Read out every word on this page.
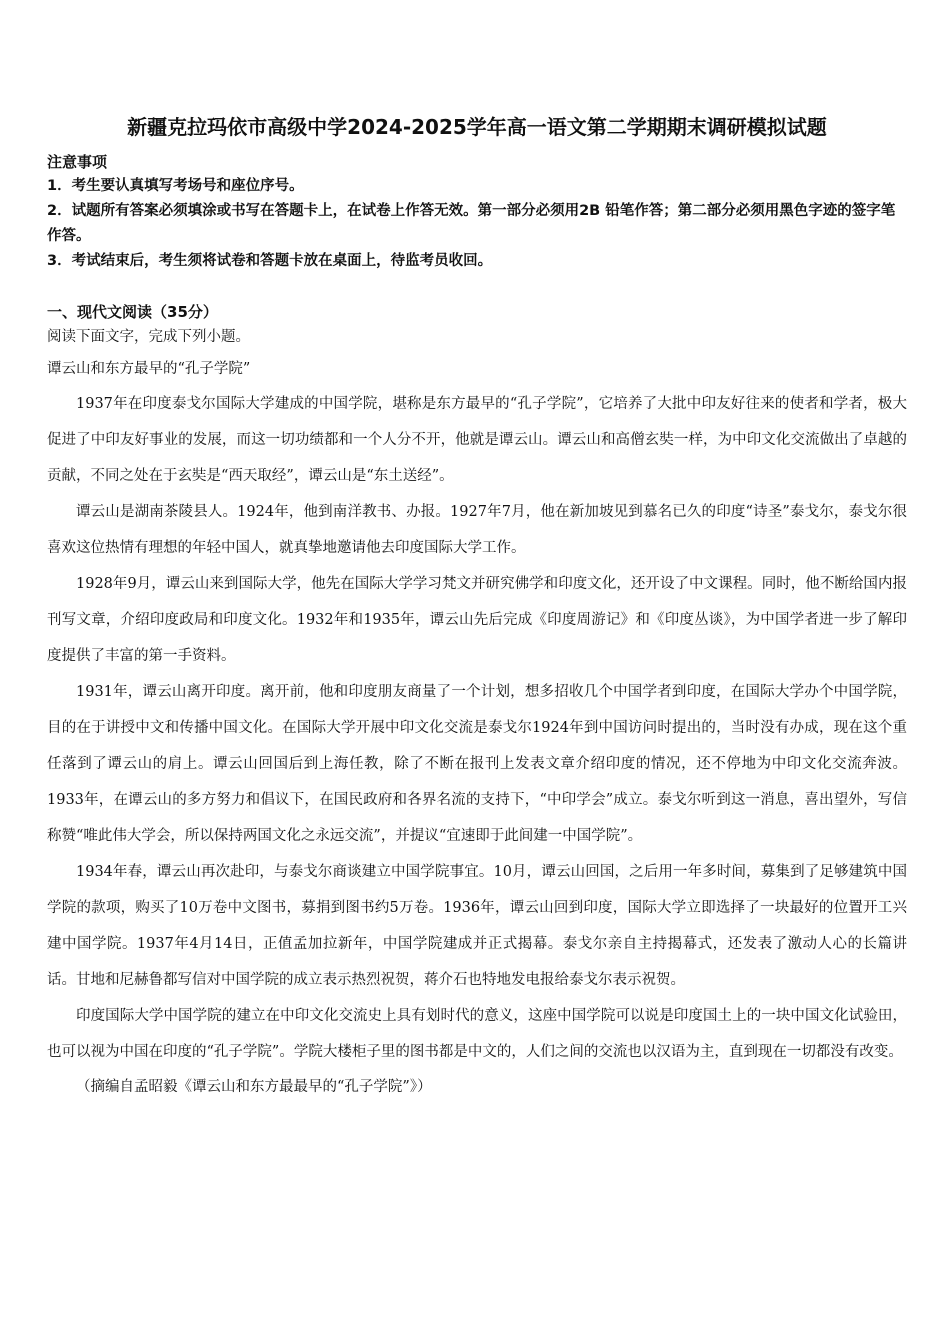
新疆克拉玛依市高级中学2024-2025学年高一语文第二学期期末调研模拟试题

注意事项

1．考生要认真填写考场号和座位序号。

2．试题所有答案必须填涂或书写在答题卡上，在试卷上作答无效。第一部分必须用2B 铅笔作答；第二部分必须用黑色字迹的签字笔作答。

3．考试结束后，考生须将试卷和答题卡放在桌面上，待监考员收回。

一、现代文阅读（35分）

阅读下面文字，完成下列小题。

谭云山和东方最早的“孔子学院”

1937年在印度泰戈尔国际大学建成的中国学院，堪称是东方最早的“孔子学院”，它培养了大批中印友好往来的使者和学者，极大促进了中印友好事业的发展，而这一切功绩都和一个人分不开，他就是谭云山。谭云山和高僧玄奘一样，为中印文化交流做出了卓越的贡献，不同之处在于玄奘是“西天取经”，谭云山是“东土送经”。

谭云山是湖南茶陵县人。1924年，他到南洋教书、办报。1927年7月，他在新加坡见到慕名已久的印度“诗圣”泰戈尔，泰戈尔很喜欢这位热情有理想的年轻中国人，就真挚地邀请他去印度国际大学工作。

1928年9月，谭云山来到国际大学，他先在国际大学学习梵文并研究佛学和印度文化，还开设了中文课程。同时，他不断给国内报刊写文章，介绍印度政局和印度文化。1932年和1935年，谭云山先后完成《印度周游记》和《印度丛谈》，为中国学者进一步了解印度提供了丰富的第一手资料。

1931年，谭云山离开印度。离开前，他和印度朋友商量了一个计划，想多招收几个中国学者到印度，在国际大学办个中国学院，目的在于讲授中文和传播中国文化。在国际大学开展中印文化交流是泰戈尔1924年到中国访问时提出的，当时没有办成，现在这个重任落到了谭云山的肩上。谭云山回国后到上海任教，除了不断在报刊上发表文章介绍印度的情况，还不停地为中印文化交流奔波。1933年，在谭云山的多方努力和倡议下，在国民政府和各界名流的支持下，“中印学会”成立。泰戈尔听到这一消息，喜出望外，写信称赞“唯此伟大学会，所以保持两国文化之永远交流”，并提议“宜速即于此间建一中国学院”。

1934年春，谭云山再次赴印，与泰戈尔商谈建立中国学院事宜。10月，谭云山回国，之后用一年多时间，募集到了足够建筑中国学院的款项，购买了10万卷中文图书，募捐到图书约5万卷。1936年，谭云山回到印度，国际大学立即选择了一块最好的位置开工兴建中国学院。1937年4月14日，正值孟加拉新年，中国学院建成并正式揭幕。泰戈尔亲自主持揭幕式，还发表了激动人心的长篇讲话。甘地和尼赫鲁都写信对中国学院的成立表示热烈祝贺，蒋介石也特地发电报给泰戈尔表示祝贺。

印度国际大学中国学院的建立在中印文化交流史上具有划时代的意义，这座中国学院可以说是印度国土上的一块中国文化试验田，也可以视为中国在印度的“孔子学院”。学院大楼柜子里的图书都是中文的，人们之间的交流也以汉语为主，直到现在一切都没有改变。

（摘编自孟昭毅《谭云山和东方最最早的“孔子学院”》）
